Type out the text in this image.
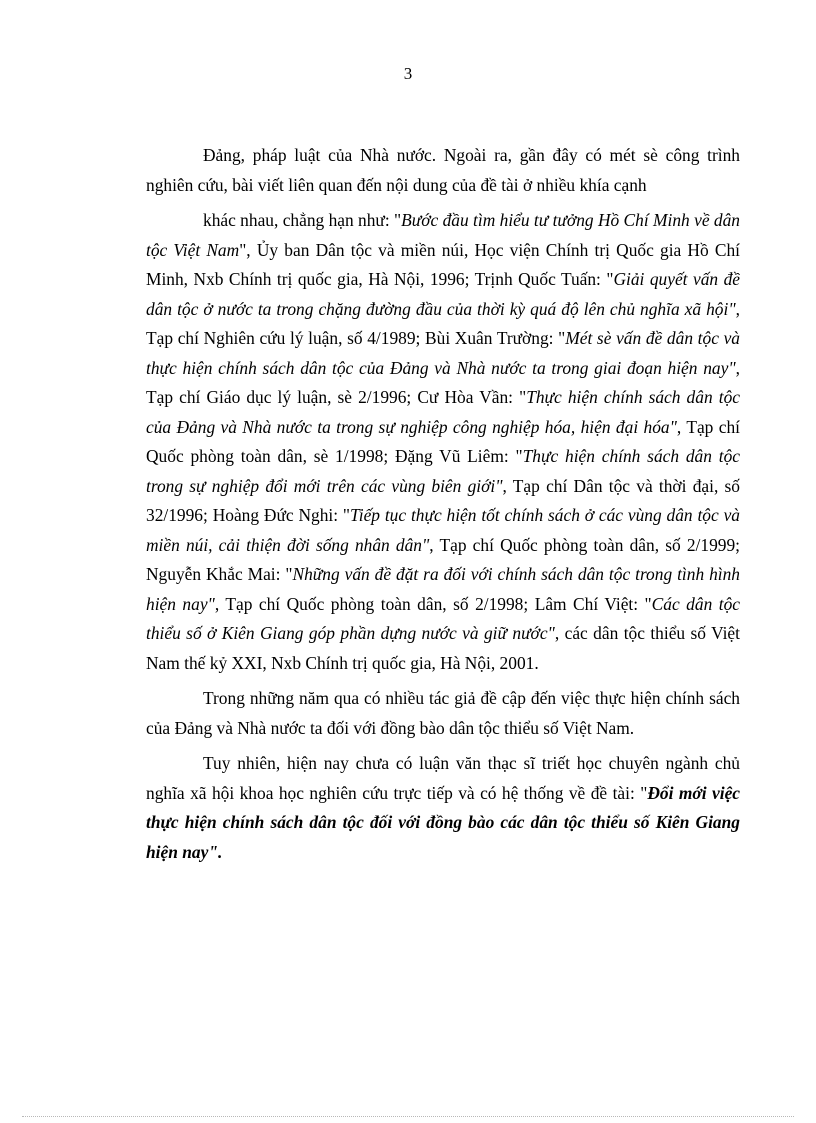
3

Đảng, pháp luật của Nhà nước. Ngoài ra, gần đây có mét sè công trình nghiên cứu, bài viết liên quan đến nội dung của đề tài ở nhiều khía cạnh

khác nhau, chẳng hạn như: "Bước đầu tìm hiểu tư tưởng Hồ Chí Minh về dân tộc Việt Nam", Ủy ban Dân tộc và miền núi, Học viện Chính trị Quốc gia Hồ Chí Minh, Nxb Chính trị quốc gia, Hà Nội, 1996; Trịnh Quốc Tuấn: "Giải quyết vấn đề dân tộc ở nước ta trong chặng đường đầu của thời kỳ quá độ lên chủ nghĩa xã hội", Tạp chí Nghiên cứu lý luận, số 4/1989; Bùi Xuân Trường: "Mét sè vấn đề dân tộc và thực hiện chính sách dân tộc của Đảng và Nhà nước ta trong giai đoạn hiện nay", Tạp chí Giáo dục lý luận, sè 2/1996; Cư Hòa Vần: "Thực hiện chính sách dân tộc của Đảng và Nhà nước ta trong sự nghiệp công nghiệp hóa, hiện đại hóa", Tạp chí Quốc phòng toàn dân, sè 1/1998; Đặng Vũ Liêm: "Thực hiện chính sách dân tộc trong sự nghiệp đổi mới trên các vùng biên giới", Tạp chí Dân tộc và thời đại, số 32/1996; Hoàng Đức Nghi: "Tiếp tục thực hiện tốt chính sách ở các vùng dân tộc và miền núi, cải thiện đời sống nhân dân", Tạp chí Quốc phòng toàn dân, số 2/1999; Nguyễn Khắc Mai: "Những vấn đề đặt ra đối với chính sách dân tộc trong tình hình hiện nay", Tạp chí Quốc phòng toàn dân, số 2/1998; Lâm Chí Việt: "Các dân tộc thiểu số ở Kiên Giang góp phần dựng nước và giữ nước", các dân tộc thiểu số Việt Nam thế kỷ XXI, Nxb Chính trị quốc gia, Hà Nội, 2001.

Trong những năm qua có nhiều tác giả đề cập đến việc thực hiện chính sách của Đảng và Nhà nước ta đối với đồng bào dân tộc thiểu số Việt Nam.

Tuy nhiên, hiện nay chưa có luận văn thạc sĩ triết học chuyên ngành chủ nghĩa xã hội khoa học nghiên cứu trực tiếp và có hệ thống về đề tài: "Đổi mới việc thực hiện chính sách dân tộc đối với đồng bào các dân tộc thiểu số Kiên Giang hiện nay".
